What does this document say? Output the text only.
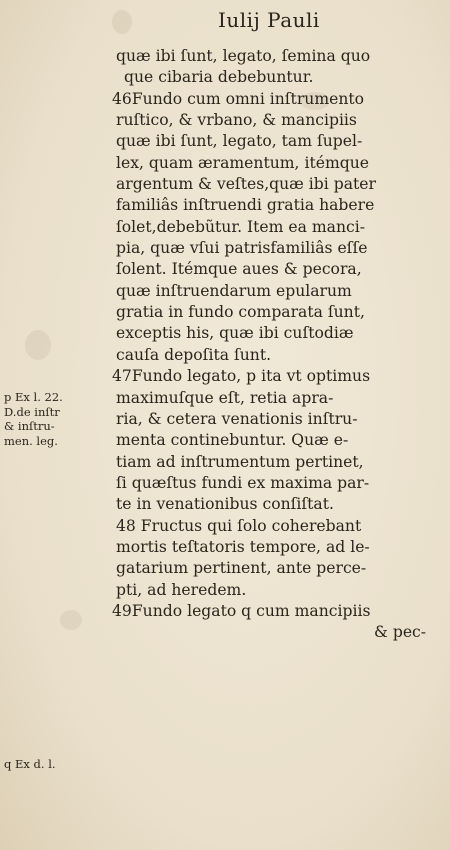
Iulij Pauli
quæ ibi ſunt, legato, ſemina quo
que cibaria debebuntur.
46Fundo cum omni inſtrumento
ruſtico, & vrbano, & mancipiis
quæ ibi ſunt, legato, tam ſupel-
lex, quam æramentum, itémque
argentum & veſtes,quæ ibi pater
familiâs inſtruendi gratia habere
ſolet,debebũtur. Item ea manci-
pia, quæ vſui patrisfamiliâs eſſe
ſolent. Itémque aues & pecora,
quæ inſtruendarum epularum
gratia in fundo comparata ſunt,
exceptis his, quæ ibi cuſtodiæ
cauſa depoſita ſunt.
47Fundo legato, p ita vt optimus
maximuſque eſt, retia apra-
ria, & cetera venationis inſtru-
menta continebuntur. Quæ e-
tiam ad inſtrumentum pertinet,
ſi quæſtus fundi ex maxima par-
te in venationibus conſiſtat.
48 Fructus qui ſolo coherebant
mortis teſtatoris tempore, ad le-
gatarium pertinent, ante perce-
pti, ad heredem.
49Fundo legato q cum mancipiis
& pec-
p Ex l. 22.
D.de inſtr
& inſtru-
men. leg.
q Ex d. l.
